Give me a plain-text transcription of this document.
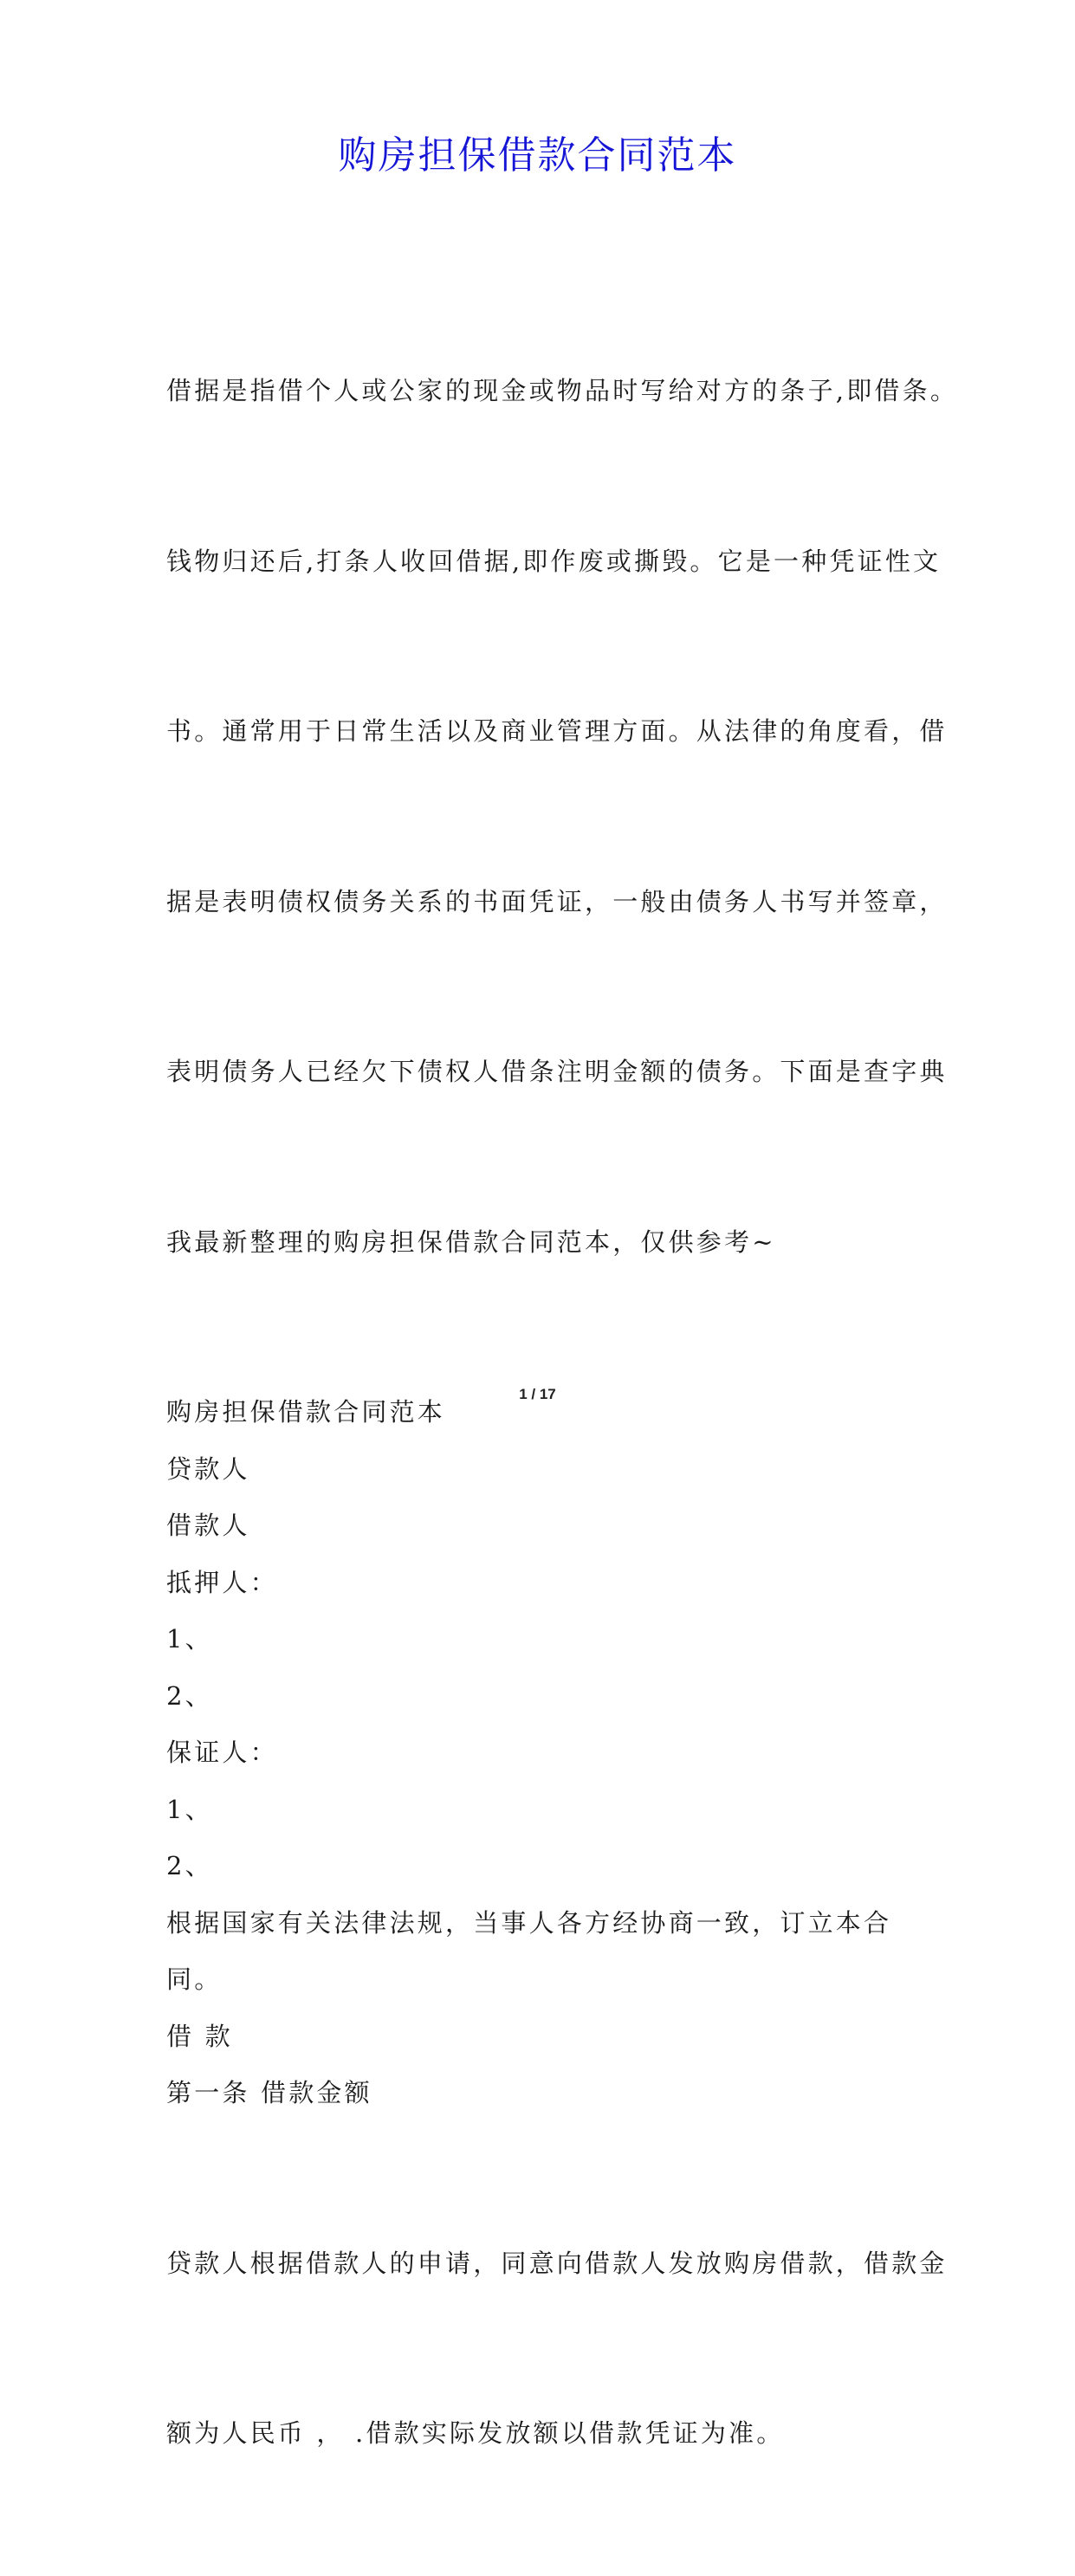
购房担保借款合同范本

借据是指借个人或公家的现金或物品时写给对方的条子,即借条。

钱物归还后,打条人收回借据,即作废或撕毁。它是一种凭证性文

书。通常用于日常生活以及商业管理方面。从法律的角度看，借

据是表明债权债务关系的书面凭证，一般由债务人书写并签章，

表明债务人已经欠下债权人借条注明金额的债务。下面是查字典

我最新整理的购房担保借款合同范本，仅供参考~

购房担保借款合同范本

贷款人

借款人

抵押人：

1、

2、

保证人：

1、

2、

根据国家有关法律法规，当事人各方经协商一致，订立本合同。

借 款

第一条 借款金额

贷款人根据借款人的申请，同意向借款人发放购房借款，借款金

额为人民币 ， .借款实际发放额以借款凭证为准。

1 / 17
